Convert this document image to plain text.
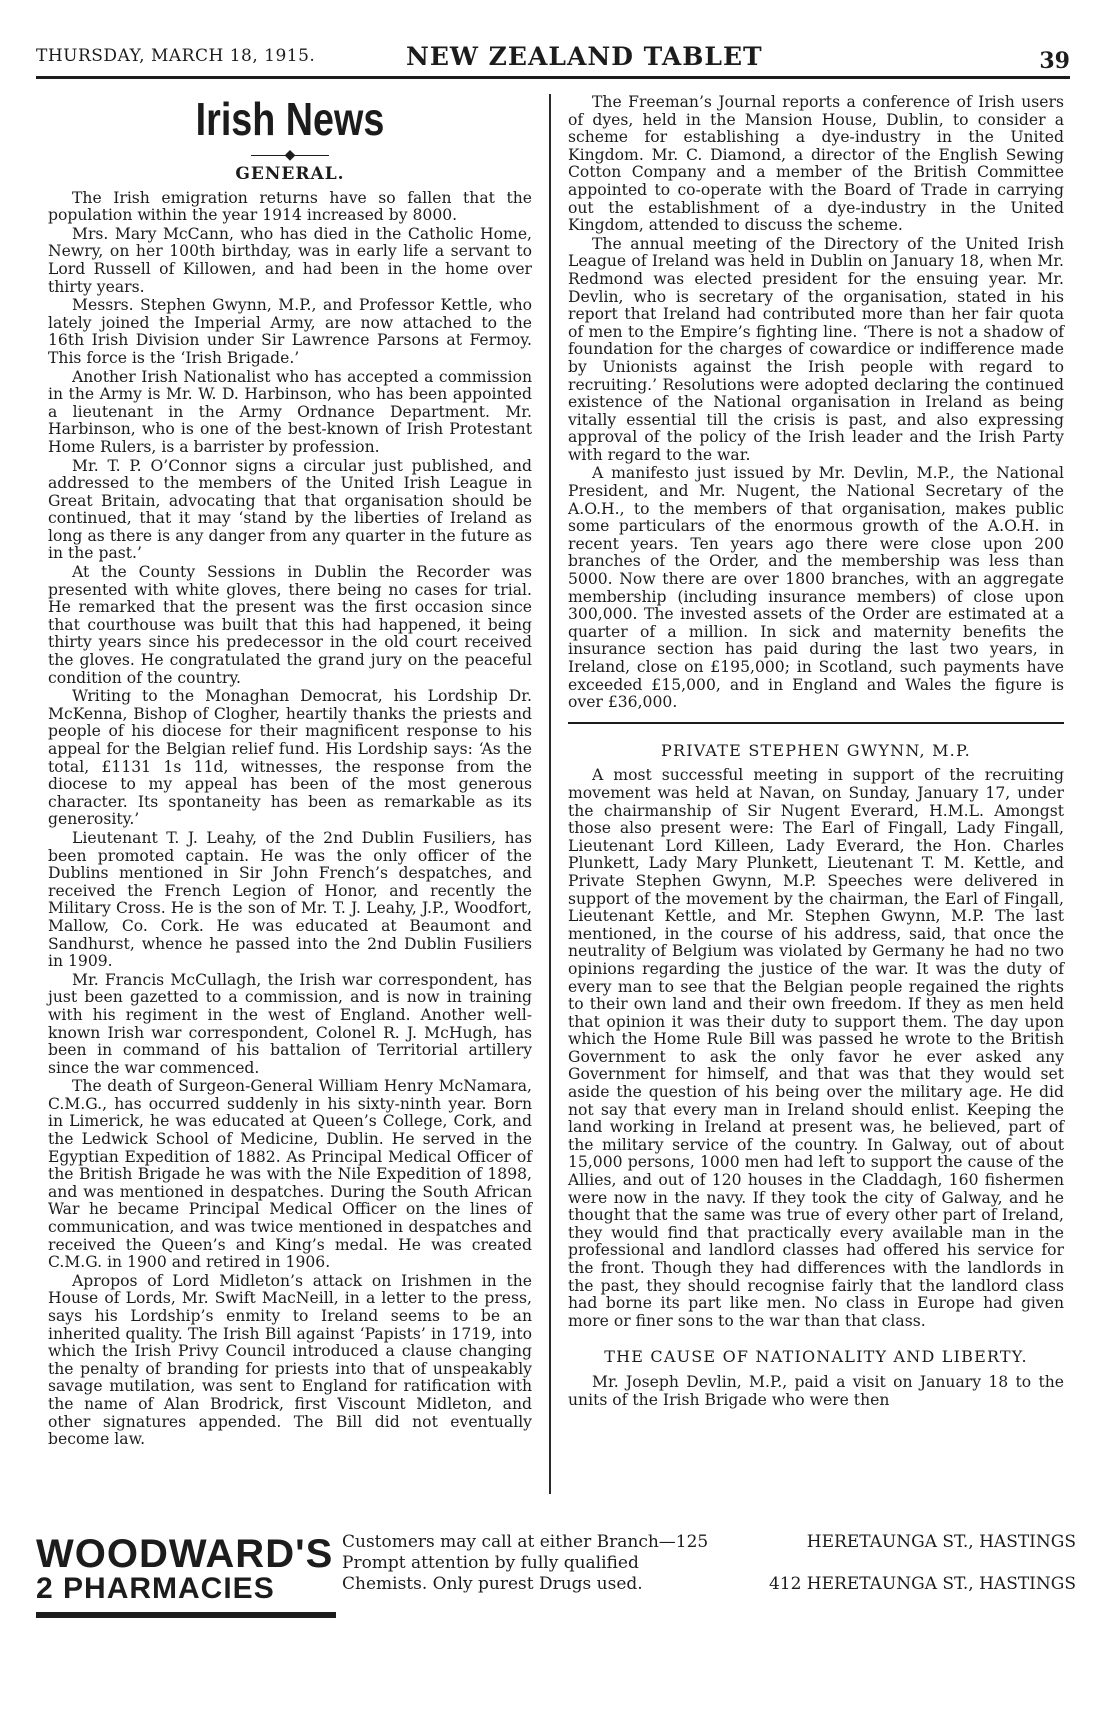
THURSDAY, MARCH 18, 1915.	NEW ZEALAND TABLET	39
Irish News
◆
GENERAL.

The Irish emigration returns have so fallen that the population within the year 1914 increased by 8000.

Mrs. Mary McCann, who has died in the Catholic Home, Newry, on her 100th birthday, was in early life a servant to Lord Russell of Killowen, and had been in the home over thirty years.

Messrs. Stephen Gwynn, M.P., and Professor Kettle, who lately joined the Imperial Army, are now attached to the 16th Irish Division under Sir Lawrence Parsons at Fermoy. This force is the ‘Irish Brigade.’

Another Irish Nationalist who has accepted a commission in the Army is Mr. W. D. Harbinson, who has been appointed a lieutenant in the Army Ordnance Department. Mr. Harbinson, who is one of the best-known of Irish Protestant Home Rulers, is a barrister by profession.

Mr. T. P. O’Connor signs a circular just published, and addressed to the members of the United Irish League in Great Britain, advocating that that organisation should be continued, that it may ‘stand by the liberties of Ireland as long as there is any danger from any quarter in the future as in the past.’

At the County Sessions in Dublin the Recorder was presented with white gloves, there being no cases for trial. He remarked that the present was the first occasion since that courthouse was built that this had happened, it being thirty years since his predecessor in the old court received the gloves. He congratulated the grand jury on the peaceful condition of the country.

Writing to the Monaghan Democrat, his Lordship Dr. McKenna, Bishop of Clogher, heartily thanks the priests and people of his diocese for their magnificent response to his appeal for the Belgian relief fund. His Lordship says: ‘As the total, £1131 1s 11d, witnesses, the response from the diocese to my appeal has been of the most generous character. Its spontaneity has been as remarkable as its generosity.’

Lieutenant T. J. Leahy, of the 2nd Dublin Fusiliers, has been promoted captain. He was the only officer of the Dublins mentioned in Sir John French’s despatches, and received the French Legion of Honor, and recently the Military Cross. He is the son of Mr. T. J. Leahy, J.P., Woodfort, Mallow, Co. Cork. He was educated at Beaumont and Sandhurst, whence he passed into the 2nd Dublin Fusiliers in 1909.

Mr. Francis McCullagh, the Irish war correspondent, has just been gazetted to a commission, and is now in training with his regiment in the west of England. Another well-known Irish war correspondent, Colonel R. J. McHugh, has been in command of his battalion of Territorial artillery since the war commenced.

The death of Surgeon-General William Henry McNamara, C.M.G., has occurred suddenly in his sixty-ninth year. Born in Limerick, he was educated at Queen’s College, Cork, and the Ledwick School of Medicine, Dublin. He served in the Egyptian Expedition of 1882. As Principal Medical Officer of the British Brigade he was with the Nile Expedition of 1898, and was mentioned in despatches. During the South African War he became Principal Medical Officer on the lines of communication, and was twice mentioned in despatches and received the Queen’s and King’s medal. He was created C.M.G. in 1900 and retired in 1906.

Apropos of Lord Midleton’s attack on Irishmen in the House of Lords, Mr. Swift MacNeill, in a letter to the press, says his Lordship’s enmity to Ireland seems to be an inherited quality. The Irish Bill against ‘Papists’ in 1719, into which the Irish Privy Council introduced a clause changing the penalty of branding for priests into that of unspeakably savage mutilation, was sent to England for ratification with the name of Alan Brodrick, first Viscount Midleton, and other signatures appended. The Bill did not eventually become law.

The Freeman’s Journal reports a conference of Irish users of dyes, held in the Mansion House, Dublin, to consider a scheme for establishing a dye-industry in the United Kingdom. Mr. C. Diamond, a director of the English Sewing Cotton Company and a member of the British Committee appointed to co-operate with the Board of Trade in carrying out the establishment of a dye-industry in the United Kingdom, attended to discuss the scheme.

The annual meeting of the Directory of the United Irish League of Ireland was held in Dublin on January 18, when Mr. Redmond was elected president for the ensuing year. Mr. Devlin, who is secretary of the organisation, stated in his report that Ireland had contributed more than her fair quota of men to the Empire’s fighting line. ‘There is not a shadow of foundation for the charges of cowardice or indifference made by Unionists against the Irish people with regard to recruiting.’ Resolutions were adopted declaring the continued existence of the National organisation in Ireland as being vitally essential till the crisis is past, and also expressing approval of the policy of the Irish leader and the Irish Party with regard to the war.

A manifesto just issued by Mr. Devlin, M.P., the National President, and Mr. Nugent, the National Secretary of the A.O.H., to the members of that organisation, makes public some particulars of the enormous growth of the A.O.H. in recent years. Ten years ago there were close upon 200 branches of the Order, and the membership was less than 5000. Now there are over 1800 branches, with an aggregate membership (including insurance members) of close upon 300,000. The invested assets of the Order are estimated at a quarter of a million. In sick and maternity benefits the insurance section has paid during the last two years, in Ireland, close on £195,000; in Scotland, such payments have exceeded £15,000, and in England and Wales the figure is over £36,000.

PRIVATE STEPHEN GWYNN, M.P.

A most successful meeting in support of the recruiting movement was held at Navan, on Sunday, January 17, under the chairmanship of Sir Nugent Everard, H.M.L. Amongst those also present were: The Earl of Fingall, Lady Fingall, Lieutenant Lord Killeen, Lady Everard, the Hon. Charles Plunkett, Lady Mary Plunkett, Lieutenant T. M. Kettle, and Private Stephen Gwynn, M.P. Speeches were delivered in support of the movement by the chairman, the Earl of Fingall, Lieutenant Kettle, and Mr. Stephen Gwynn, M.P. The last mentioned, in the course of his address, said, that once the neutrality of Belgium was violated by Germany he had no two opinions regarding the justice of the war. It was the duty of every man to see that the Belgian people regained the rights to their own land and their own freedom. If they as men held that opinion it was their duty to support them. The day upon which the Home Rule Bill was passed he wrote to the British Government to ask the only favor he ever asked any Government for himself, and that was that they would set aside the question of his being over the military age. He did not say that every man in Ireland should enlist. Keeping the land working in Ireland at present was, he believed, part of the military service of the country. In Galway, out of about 15,000 persons, 1000 men had left to support the cause of the Allies, and out of 120 houses in the Claddagh, 160 fishermen were now in the navy. If they took the city of Galway, and he thought that the same was true of every other part of Ireland, they would find that practically every available man in the professional and landlord classes had offered his service for the front. Though they had differences with the landlords in the past, they should recognise fairly that the landlord class had borne its part like men. No class in Europe had given more or finer sons to the war than that class.

THE CAUSE OF NATIONALITY AND LIBERTY.

Mr. Joseph Devlin, M.P., paid a visit on January 18 to the units of the Irish Brigade who were then

WOODWARD'S
2 PHARMACIES
Customers may call at either Branch—125	HERETAUNGA ST., HASTINGS
Prompt attention by fully qualified
Chemists. Only purest Drugs used.	412 HERETAUNGA ST., HASTINGS
